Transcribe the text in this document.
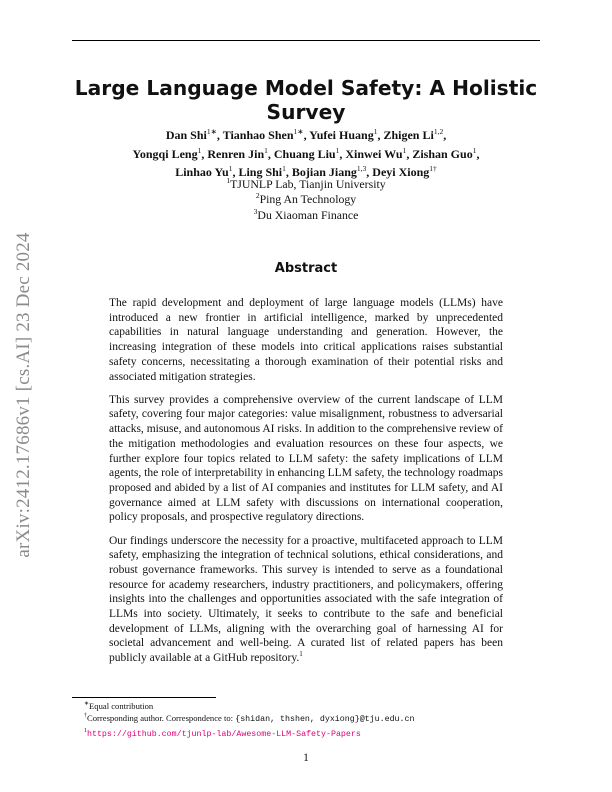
arXiv:2412.17686v1 [cs.AI] 23 Dec 2024
Large Language Model Safety: A Holistic Survey
Dan Shi$^{1∗}$, Tianhao Shen$^{1∗}$, Yufei Huang$^1$, Zhigen Li$^{1,2}$,
Yongqi Leng$^1$, Renren Jin$^1$, Chuang Liu$^1$, Xinwei Wu$^1$, Zishan Guo$^1$,
Linhao Yu$^1$, Ling Shi$^1$, Bojian Jiang$^{1,3}$, Deyi Xiong$^{1\dagger}$
$^1$TJUNLP Lab, Tianjin University
$^2$Ping An Technology
$^3$Du Xiaoman Finance
Abstract

The rapid development and deployment of large language models (LLMs) have introduced a new frontier in artificial intelligence, marked by unprecedented capabilities in natural language understanding and generation. However, the increasing integration of these models into critical applications raises substantial safety concerns, necessitating a thorough examination of their potential risks and associated mitigation strategies.

This survey provides a comprehensive overview of the current landscape of LLM safety, covering four major categories: value misalignment, robustness to adversarial attacks, misuse, and autonomous AI risks. In addition to the comprehensive review of the mitigation methodologies and evaluation resources on these four aspects, we further explore four topics related to LLM safety: the safety implications of LLM agents, the role of interpretability in enhancing LLM safety, the technology roadmaps proposed and abided by a list of AI companies and institutes for LLM safety, and AI governance aimed at LLM safety with discussions on international cooperation, policy proposals, and prospective regulatory directions.

Our findings underscore the necessity for a proactive, multifaceted approach to LLM safety, emphasizing the integration of technical solutions, ethical considerations, and robust governance frameworks. This survey is intended to serve as a foundational resource for academy researchers, industry practitioners, and policymakers, offering insights into the challenges and opportunities associated with the safe integration of LLMs into society. Ultimately, it seeks to contribute to the safe and beneficial development of LLMs, aligning with the overarching goal of harnessing AI for societal advancement and well-being. A curated list of related papers has been publicly available at a GitHub repository.$^1$

∗Equal contribution
†Corresponding author. Correspondence to: {shidan, thshen, dyxiong}@tju.edu.cn
$^1$https://github.com/tjunlp-lab/Awesome-LLM-Safety-Papers
1
